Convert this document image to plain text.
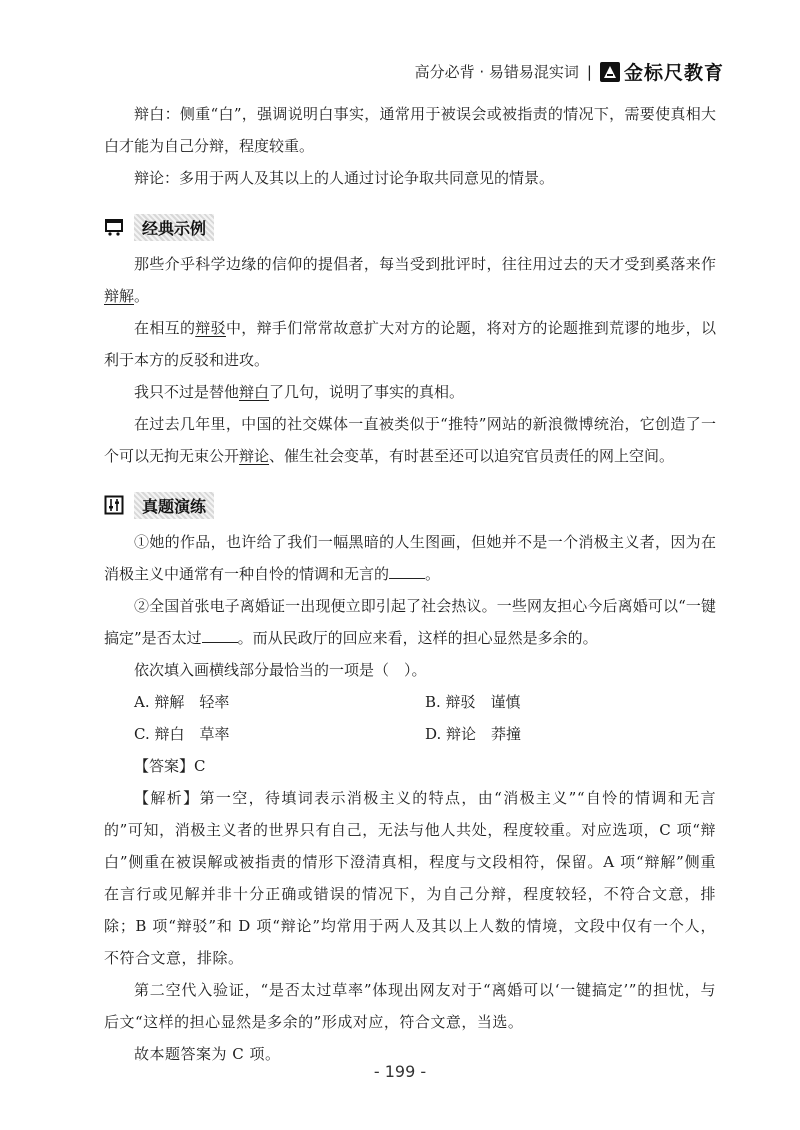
高分必背 · 易错易混实词 | 金标尺教育

辩白：侧重“白”，强调说明白事实，通常用于被误会或被指责的情况下，需要使真相大白才能为自己分辩，程度较重。

辩论：多用于两人及其以上的人通过讨论争取共同意见的情景。

经典示例

那些介乎科学边缘的信仰的提倡者，每当受到批评时，往往用过去的天才受到奚落来作辩解。

在相互的辩驳中，辩手们常常故意扩大对方的论题，将对方的论题推到荒谬的地步，以利于本方的反驳和进攻。

我只不过是替他辩白了几句，说明了事实的真相。

在过去几年里，中国的社交媒体一直被类似于“推特”网站的新浪微博统治，它创造了一个可以无拘无束公开辩论、催生社会变革，有时甚至还可以追究官员责任的网上空间。

真题演练

①她的作品，也许给了我们一幅黑暗的人生图画，但她并不是一个消极主义者，因为在消极主义中通常有一种自怜的情调和无言的 。

②全国首张电子离婚证一出现便立即引起了社会热议。一些网友担心今后离婚可以“一键搞定”是否太过 。而从民政厅的回应来看，这样的担心显然是多余的。

依次填入画横线部分最恰当的一项是（　）。

A. 辩解　轻率	B. 辩驳　谨慎
C. 辩白　草率	D. 辩论　莽撞

【答案】C

【解析】第一空，待填词表示消极主义的特点，由“消极主义”“自怜的情调和无言的”可知，消极主义者的世界只有自己，无法与他人共处，程度较重。对应选项，C 项“辩白”侧重在被误解或被指责的情形下澄清真相，程度与文段相符，保留。A 项“辩解”侧重在言行或见解并非十分正确或错误的情况下，为自己分辩，程度较轻，不符合文意，排除；B 项“辩驳”和 D 项“辩论”均常用于两人及其以上人数的情境，文段中仅有一个人，不符合文意，排除。

第二空代入验证，“是否太过草率”体现出网友对于“离婚可以‘一键搞定’”的担忧，与后文“这样的担心显然是多余的”形成对应，符合文意，当选。

故本题答案为 C 项。

- 199 -
